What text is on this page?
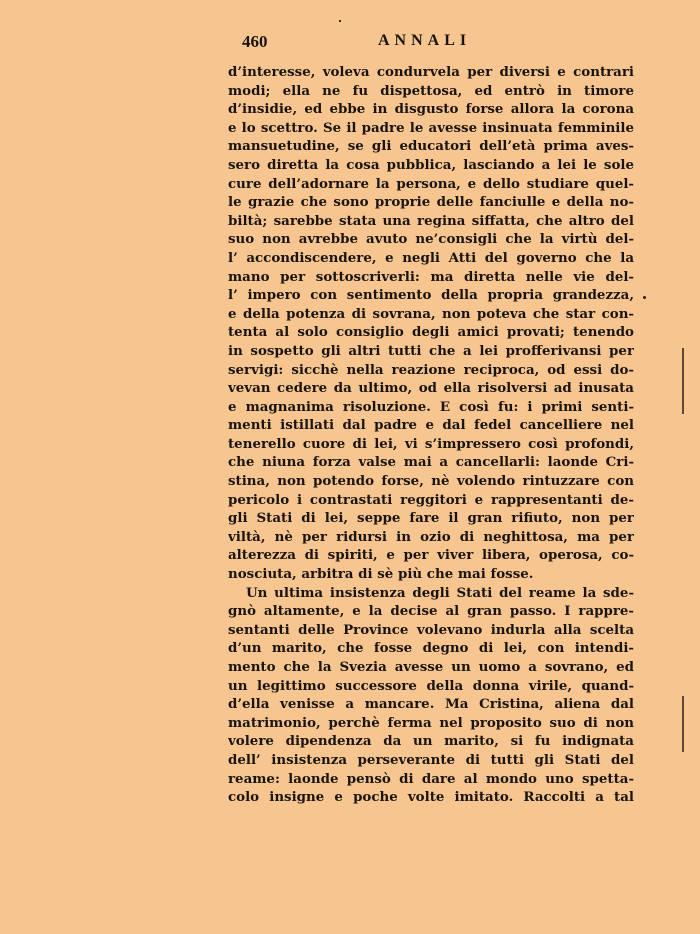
460	ANNALI
d’interesse, voleva condurvela per diversi e contrari
modi; ella ne fu dispettosa, ed entrò in timore
d’insidie, ed ebbe in disgusto forse allora la corona
e lo scettro. Se il padre le avesse insinuata femminile
mansuetudine, se gli educatori dell’età prima aves-
sero diretta la cosa pubblica, lasciando a lei le sole
cure dell’adornare la persona, e dello studiare quel-
le grazie che sono proprie delle fanciulle e della no-
biltà; sarebbe stata una regina siffatta, che altro del
suo non avrebbe avuto ne’consigli che la virtù del-
l’ accondiscendere, e negli Atti del governo che la
mano per sottoscriverli: ma diretta nelle vie del-
l’ impero con sentimento della propria grandezza,
e della potenza di sovrana, non poteva che star con-
tenta al solo consiglio degli amici provati; tenendo
in sospetto gli altri tutti che a lei profferivansi per
servigi: sicchè nella reazione reciproca, od essi do-
vevan cedere da ultimo, od ella risolversi ad inusata
e magnanima risoluzione. E così fu: i primi senti-
menti istillati dal padre e dal fedel cancelliere nel
tenerello cuore di lei, vi s’impressero così profondi,
che niuna forza valse mai a cancellarli: laonde Cri-
stina, non potendo forse, nè volendo rintuzzare con
pericolo i contrastati reggitori e rappresentanti de-
gli Stati di lei, seppe fare il gran rifiuto, non per
viltà, nè per ridursi in ozio di neghittosa, ma per
alterezza di spiriti, e per viver libera, operosa, co-
nosciuta, arbitra di sè più che mai fosse.
Un ultima insistenza degli Stati del reame la sde-
gnò altamente, e la decise al gran passo. I rappre-
sentanti delle Province volevano indurla alla scelta
d’un marito, che fosse degno di lei, con intendi-
mento che la Svezia avesse un uomo a sovrano, ed
un legittimo successore della donna virile, quand-
d’ella venisse a mancare. Ma Cristina, aliena dal
matrimonio, perchè ferma nel proposito suo di non
volere dipendenza da un marito, si fu indignata
dell’ insistenza perseverante di tutti gli Stati del
reame: laonde pensò di dare al mondo uno spetta-
colo insigne e poche volte imitato. Raccolti a tal
